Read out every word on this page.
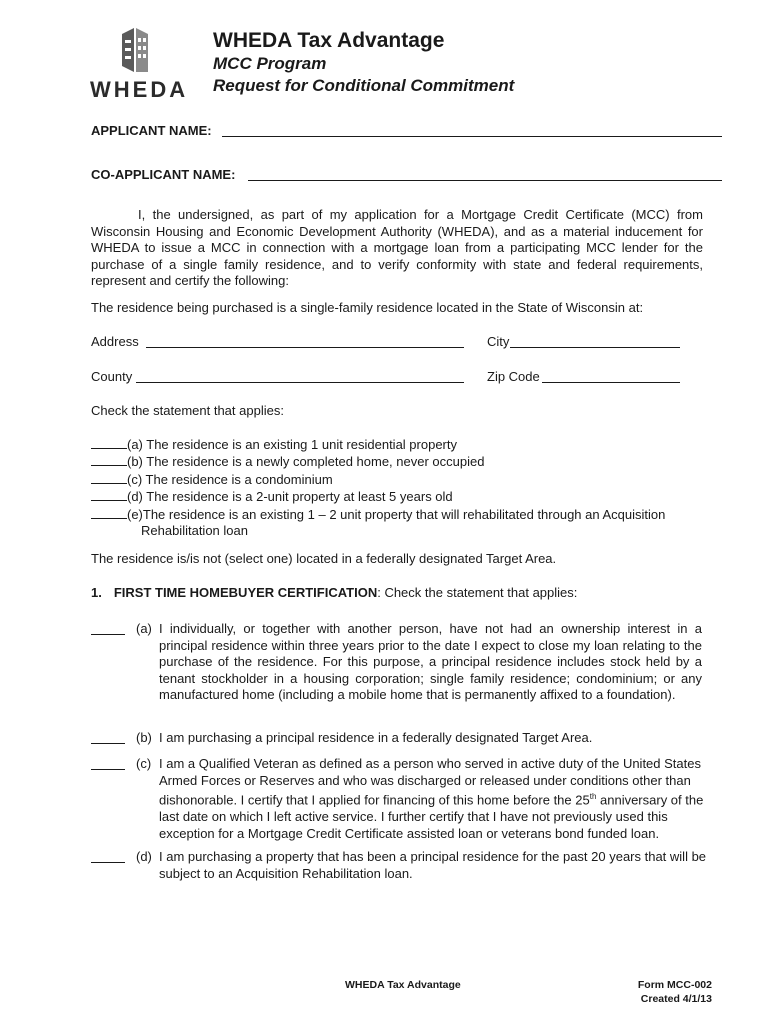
WHEDA
WHEDA Tax Advantage
MCC Program
Request for Conditional Commitment
APPLICANT NAME:
CO-APPLICANT NAME:
I, the undersigned, as part of my application for a Mortgage Credit Certificate (MCC) from Wisconsin Housing and Economic Development Authority (WHEDA), and as a material inducement for WHEDA to issue a MCC in connection with a mortgage loan from a participating MCC lender for the purchase of a single family residence, and to verify conformity with state and federal requirements, represent and certify the following:
The residence being purchased is a single-family residence located in the State of Wisconsin at:
Address	City
County	Zip Code
Check the statement that applies:
(a) The residence is an existing 1 unit residential property
(b) The residence is a newly completed home, never occupied
(c) The residence is a condominium
(d) The residence is a 2-unit property at least 5 years old
(e)The residence is an existing 1 – 2 unit property that will rehabilitated through an Acquisition
Rehabilitation loan
The residence is/is not (select one) located in a federally designated Target Area.
1. FIRST TIME HOMEBUYER CERTIFICATION: Check the statement that applies:
(a) I individually, or together with another person, have not had an ownership interest in a principal residence within three years prior to the date I expect to close my loan relating to the purchase of the residence. For this purpose, a principal residence includes stock held by a tenant stockholder in a housing corporation; single family residence; condominium; or any manufactured home (including a mobile home that is permanently affixed to a foundation).
(b) I am purchasing a principal residence in a federally designated Target Area.
(c) I am a Qualified Veteran as defined as a person who served in active duty of the United States Armed Forces or Reserves and who was discharged or released under conditions other than dishonorable. I certify that I applied for financing of this home before the 25th anniversary of the last date on which I left active service. I further certify that I have not previously used this exception for a Mortgage Credit Certificate assisted loan or veterans bond funded loan.
(d) I am purchasing a property that has been a principal residence for the past 20 years that will be subject to an Acquisition Rehabilitation loan.
WHEDA Tax Advantage	Form MCC-002
Created 4/1/13
